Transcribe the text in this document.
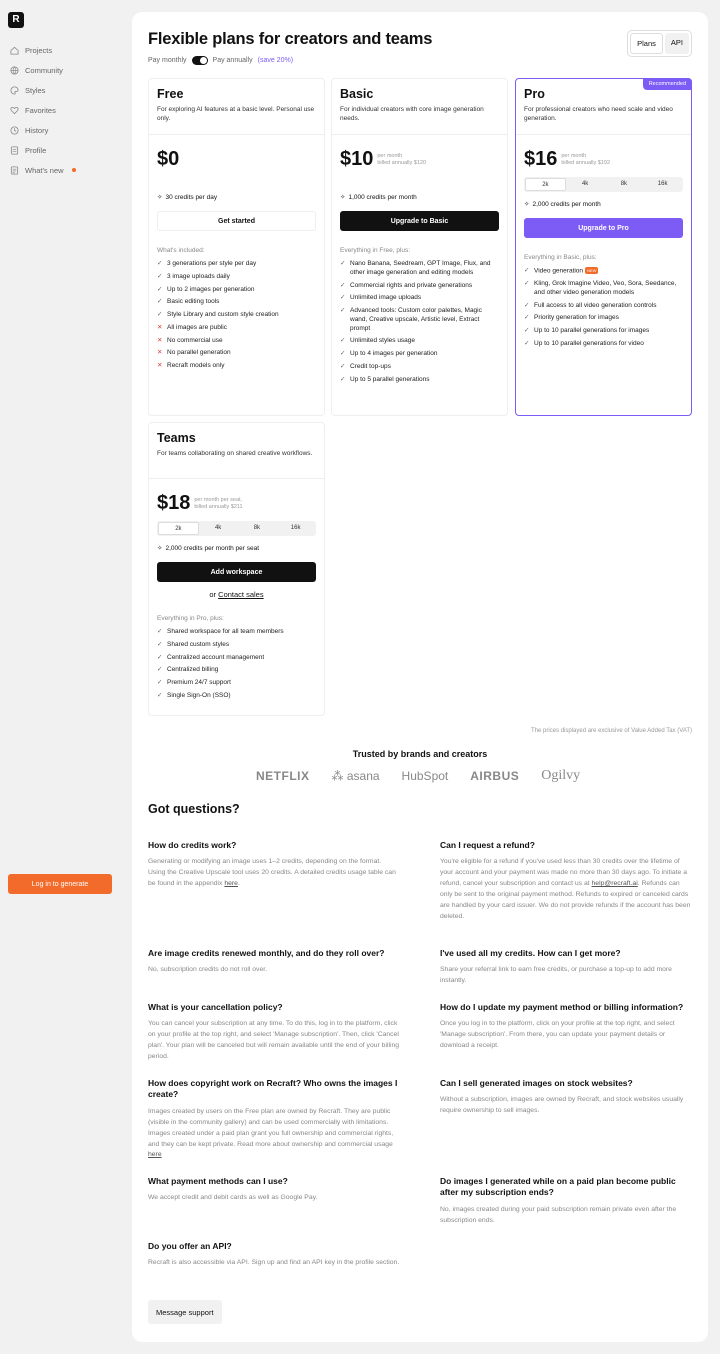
R
Projects
Community
Styles
Favorites
History
Profile
What's new
Log in to generate
Flexible plans for creators and teams
Pay monthly	Pay annually (save 20%)
Plans	API
Free
For exploring AI features at a basic level. Personal use only.
$0
✧ 30 credits per day
Get started
What's included:
✓ 3 generations per style per day
✓ 3 image uploads daily
✓ Up to 2 images per generation
✓ Basic editing tools
✓ Style Library and custom style creation
✕ All images are public
✕ No commercial use
✕ No parallel generation
✕ Recraft models only
Basic
For individual creators with core image generation needs.
$10 per month
billed annually $120
✧ 1,000 credits per month
Upgrade to Basic
Everything in Free, plus:
✓ Nano Banana, Seedream, GPT Image, Flux, and other image generation and editing models
✓ Commercial rights and private generations
✓ Unlimited image uploads
✓ Advanced tools: Custom color palettes, Magic wand, Creative upscale, Artistic level, Extract prompt
✓ Unlimited styles usage
✓ Up to 4 images per generation
✓ Credit top-ups
✓ Up to 5 parallel generations
Recommended
Pro
For professional creators who need scale and video generation.
$16 per month
billed annually $192
2k	4k	8k	16k
✧ 2,000 credits per month
Upgrade to Pro
Everything in Basic, plus:
✓ Video generation NEW
✓ Kling, Grok Imagine Video, Veo, Sora, Seedance, and other video generation models
✓ Full access to all video generation controls
✓ Priority generation for images
✓ Up to 10 parallel generations for images
✓ Up to 10 parallel generations for video
Teams
For teams collaborating on shared creative workflows.
$18 per month per seat,
billed annually $211
2k	4k	8k	16k
✧ 2,000 credits per month per seat
Add workspace
or Contact sales
Everything in Pro, plus:
✓ Shared workspace for all team members
✓ Shared custom styles
✓ Centralized account management
✓ Centralized billing
✓ Premium 24/7 support
✓ Single Sign-On (SSO)
The prices displayed are exclusive of Value Added Tax (VAT)
Trusted by brands and creators
NETFLIX ⁂ asana HubSpot AIRBUS Ogilvy
Got questions?
How do credits work?
Generating or modifying an image uses 1–2 credits, depending on the format. Using the Creative Upscale tool uses 20 credits. A detailed credits usage table can be found in the appendix here.
Can I request a refund?
You're eligible for a refund if you've used less than 30 credits over the lifetime of your account and your payment was made no more than 30 days ago. To initiate a refund, cancel your subscription and contact us at help@recraft.ai. Refunds can only be sent to the original payment method. Refunds to expired or canceled cards are handled by your card issuer. We do not provide refunds if the account has been deleted.
Are image credits renewed monthly, and do they roll over?
No, subscription credits do not roll over.
I've used all my credits. How can I get more?
Share your referral link to earn free credits, or purchase a top-up to add more instantly.
What is your cancellation policy?
You can cancel your subscription at any time. To do this, log in to the platform, click on your profile at the top right, and select 'Manage subscription'. Then, click 'Cancel plan'. Your plan will be canceled but will remain available until the end of your billing period.
How do I update my payment method or billing information?
Once you log in to the platform, click on your profile at the top right, and select 'Manage subscription'. From there, you can update your payment details or download a receipt.
How does copyright work on Recraft? Who owns the images I create?
Images created by users on the Free plan are owned by Recraft. They are public (visible in the community gallery) and can be used commercially with limitations. Images created under a paid plan grant you full ownership and commercial rights, and they can be kept private. Read more about ownership and commercial usage here
Can I sell generated images on stock websites?
Without a subscription, images are owned by Recraft, and stock websites usually require ownership to sell images.
What payment methods can I use?
We accept credit and debit cards as well as Google Pay.
Do images I generated while on a paid plan become public after my subscription ends?
No, images created during your paid subscription remain private even after the subscription ends.
Do you offer an API?
Recraft is also accessible via API. Sign up and find an API key in the profile section.
Message support
